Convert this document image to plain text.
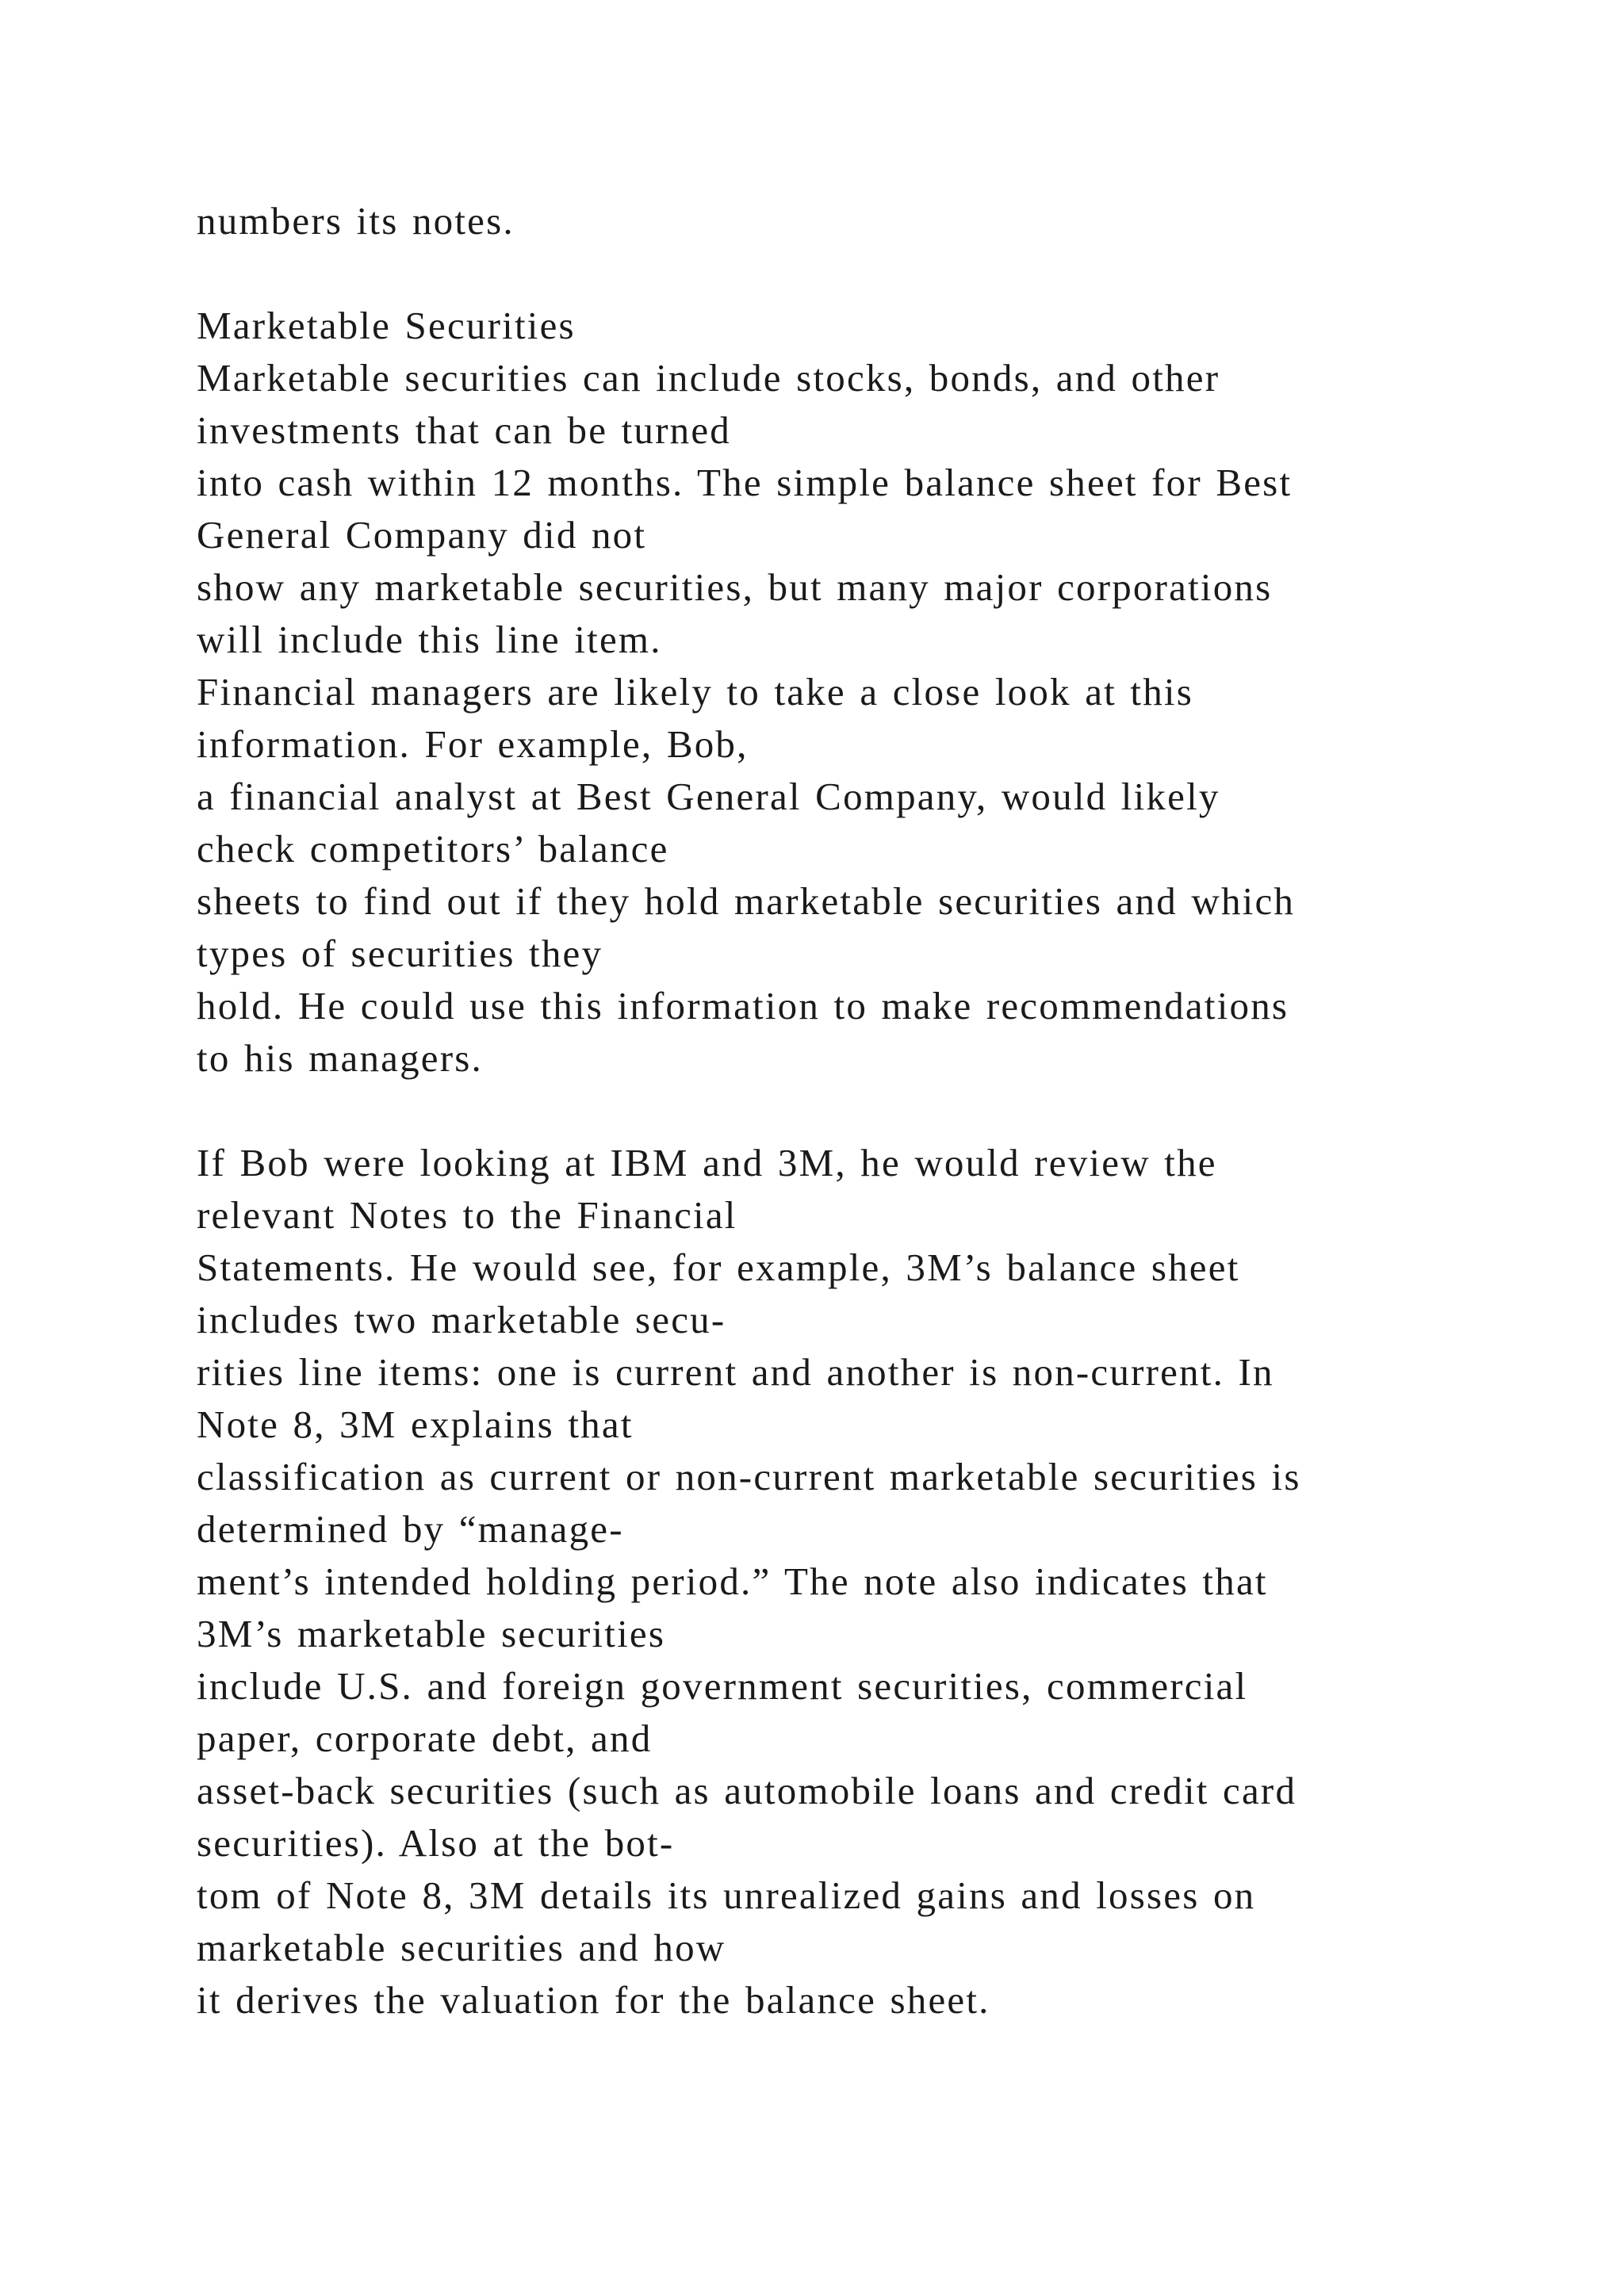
numbers its notes.
Marketable Securities
Marketable securities can include stocks, bonds, and other
investments that can be turned
into cash within 12 months. The simple balance sheet for Best
General Company did not
show any marketable securities, but many major corporations
will include this line item.
Financial managers are likely to take a close look at this
information. For example, Bob,
a financial analyst at Best General Company, would likely
check competitors’ balance
sheets to find out if they hold marketable securities and which
types of securities they
hold. He could use this information to make recommendations
to his managers.
If Bob were looking at IBM and 3M, he would review the
relevant Notes to the Financial
Statements. He would see, for example, 3M’s balance sheet
includes two marketable secu-
rities line items: one is current and another is non-current. In
Note 8, 3M explains that
classification as current or non-current marketable securities is
determined by “manage-
ment’s intended holding period.” The note also indicates that
3M’s marketable securities
include U.S. and foreign government securities, commercial
paper, corporate debt, and
asset-back securities (such as automobile loans and credit card
securities). Also at the bot-
tom of Note 8, 3M details its unrealized gains and losses on
marketable securities and how
it derives the valuation for the balance sheet.
